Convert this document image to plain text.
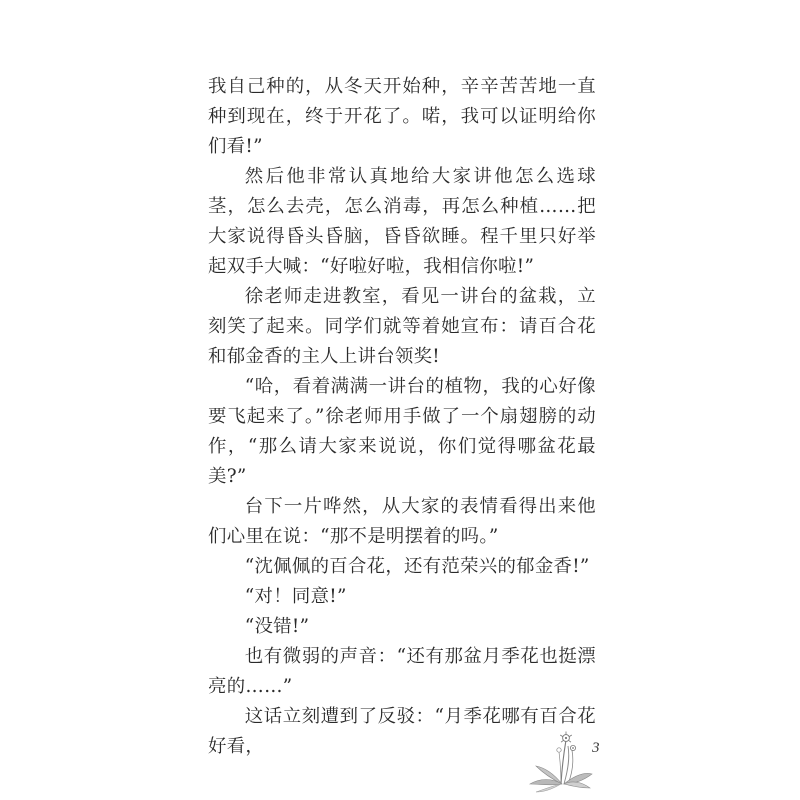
我自己种的，从冬天开始种，辛辛苦苦地一直种到现在，终于开花了。喏，我可以证明给你们看!”

然后他非常认真地给大家讲他怎么选球茎，怎么去壳，怎么消毒，再怎么种植……把大家说得昏头昏脑，昏昏欲睡。程千里只好举起双手大喊：“好啦好啦，我相信你啦!”

徐老师走进教室，看见一讲台的盆栽，立刻笑了起来。同学们就等着她宣布：请百合花和郁金香的主人上讲台领奖!

“哈，看着满满一讲台的植物，我的心好像要飞起来了。”徐老师用手做了一个扇翅膀的动作，“那么请大家来说说，你们觉得哪盆花最美?”

台下一片哗然，从大家的表情看得出来他们心里在说：“那不是明摆着的吗。”

“沈佩佩的百合花，还有范荣兴的郁金香!”

“对！同意!”

“没错!”

也有微弱的声音：“还有那盆月季花也挺漂亮的……”

这话立刻遭到了反驳：“月季花哪有百合花好看，	3
